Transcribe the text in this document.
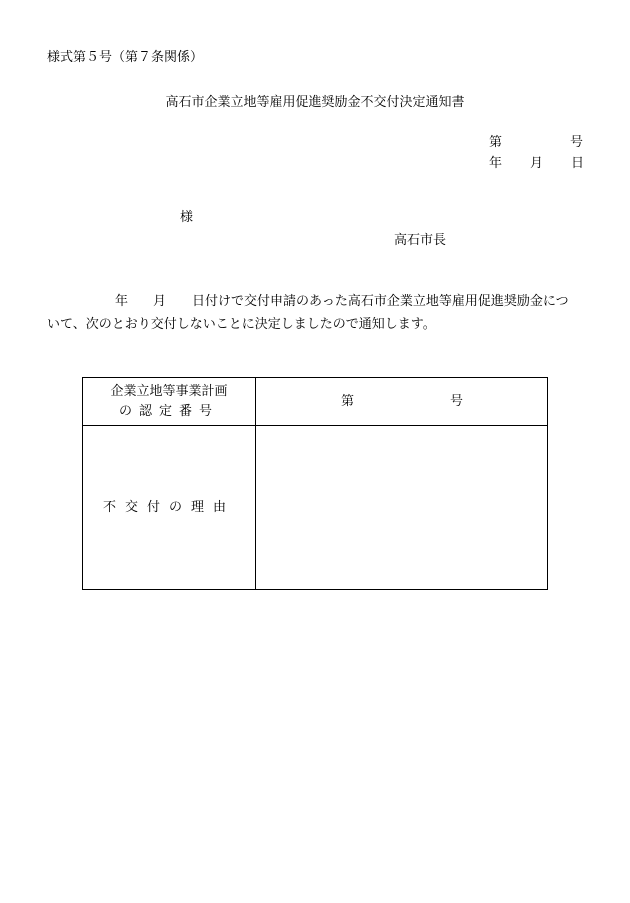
様式第５号（第７条関係）
高石市企業立地等雇用促進奨励金不交付決定通知書
第	号
年 月 日
様
高石市長
年 月 日付けで交付申請のあった高石市企業立地等雇用促進奨励金につ
いて、次のとおり交付しないことに決定しましたので通知します。
企業立地等事業計画
の認定番号
第	号
不交付の理由
